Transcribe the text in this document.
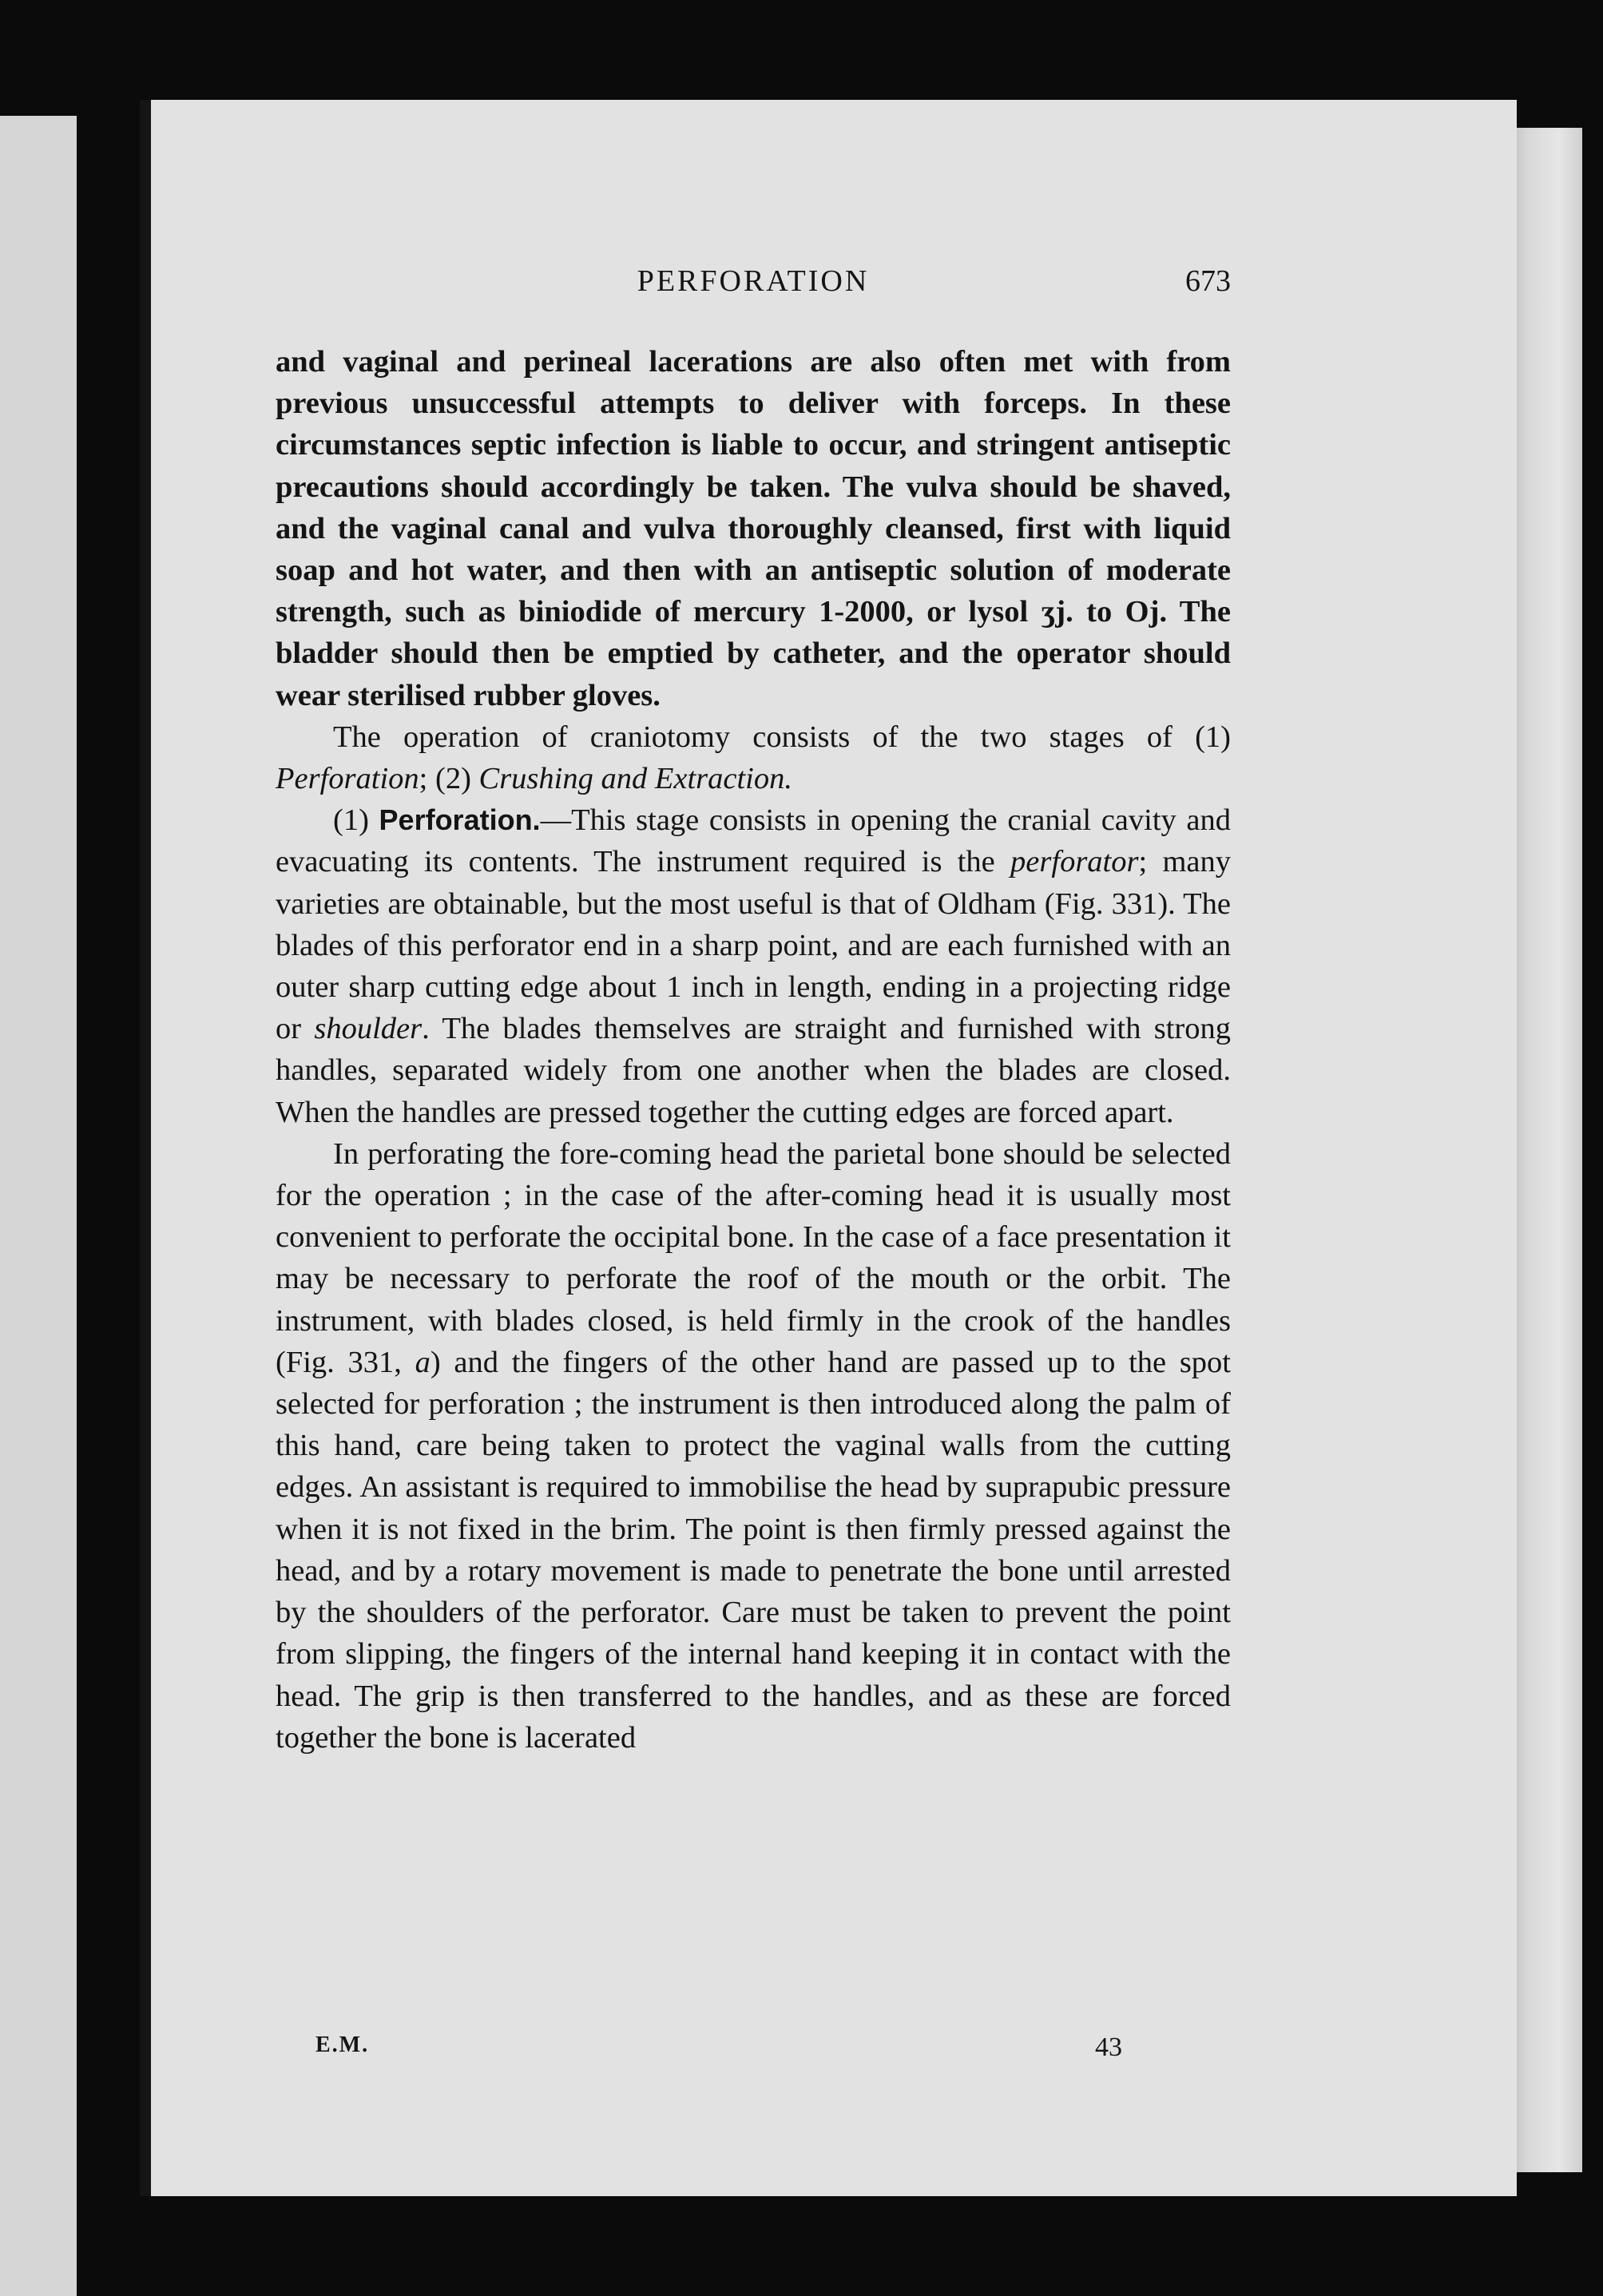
PERFORATION	673

and vaginal and perineal lacerations are also often met with from previous unsuccessful attempts to deliver with forceps. In these circumstances septic infection is liable to occur, and stringent antiseptic precautions should accordingly be taken. The vulva should be shaved, and the vaginal canal and vulva thoroughly cleansed, first with liquid soap and hot water, and then with an antiseptic solution of moderate strength, such as biniodide of mercury 1-2000, or lysol ʒj. to Oj. The bladder should then be emptied by catheter, and the operator should wear sterilised rubber gloves.

The operation of craniotomy consists of the two stages of (1) Perforation; (2) Crushing and Extraction.

(1) Perforation.—This stage consists in opening the cranial cavity and evacuating its contents. The instrument required is the perforator; many varieties are obtainable, but the most useful is that of Oldham (Fig. 331). The blades of this perforator end in a sharp point, and are each furnished with an outer sharp cutting edge about 1 inch in length, ending in a projecting ridge or shoulder. The blades themselves are straight and furnished with strong handles, separated widely from one another when the blades are closed. When the handles are pressed together the cutting edges are forced apart.

In perforating the fore-coming head the parietal bone should be selected for the operation ; in the case of the after-coming head it is usually most convenient to perforate the occipital bone. In the case of a face presentation it may be necessary to perforate the roof of the mouth or the orbit. The instrument, with blades closed, is held firmly in the crook of the handles (Fig. 331, a) and the fingers of the other hand are passed up to the spot selected for perforation ; the instrument is then introduced along the palm of this hand, care being taken to protect the vaginal walls from the cutting edges. An assistant is required to immobilise the head by suprapubic pressure when it is not fixed in the brim. The point is then firmly pressed against the head, and by a rotary movement is made to penetrate the bone until arrested by the shoulders of the perforator. Care must be taken to prevent the point from slipping, the fingers of the internal hand keeping it in contact with the head. The grip is then transferred to the handles, and as these are forced together the bone is lacerated

E.M.	43
